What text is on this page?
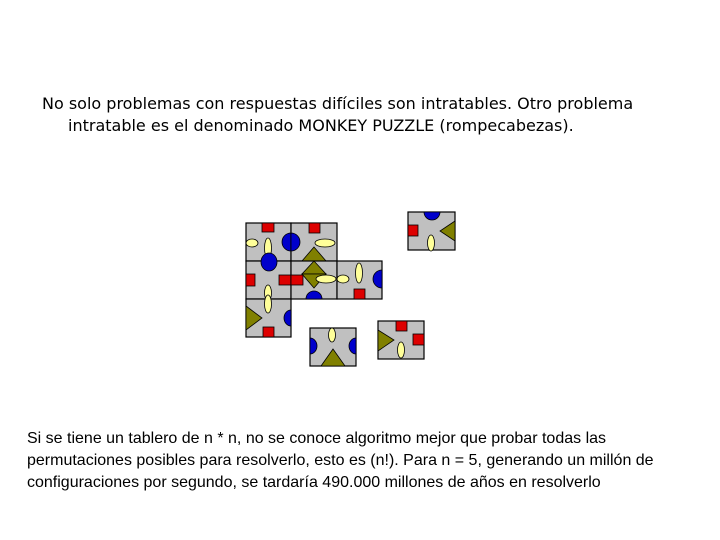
No solo problemas con respuestas difíciles son intratables. Otro problema
intratable es el denominado MONKEY PUZZLE (rompecabezas).

Si se tiene un tablero de n * n, no se conoce algoritmo mejor que probar todas las permutaciones posibles para resolverlo, esto es (n!). Para n = 5, generando un millón de configuraciones por segundo, se tardaría 490.000 millones de años en resolverlo
